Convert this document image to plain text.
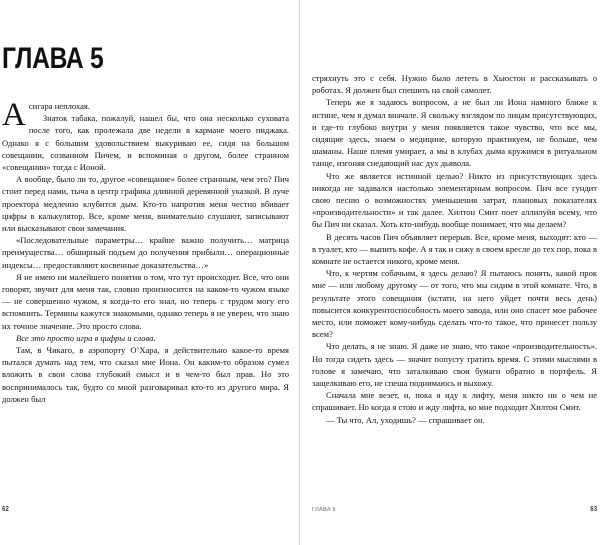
ГЛАВА 5

Асигара неплохая.

Знаток табака, пожалуй, нашел бы, что она несколько суховата после того, как пролежала две недели в кармане моего пиджака. Однако я с большим удовольствием выкуриваю ее, сидя на большом совещании, созванном Пичем, и вспоминая о другом, более странном «совещании» тогда с Ионой.

А вообще, было ли то, другое «совещание» более странным, чем это? Пич стоит перед нами, тыча в центр графика длинной деревянной указкой. В луче проектора медленно клубится дым. Кто-то напротив меня честно вбивает цифры в калькулятор. Все, кроме меня, внимательно слушают, записывают или высказывают свои замечания.

«Последовательные параметры… крайне важно получить… матрица преимущества… обширный подъем до получения прибыли… операционные индексы… предоставляют косвенные доказательства…»

Я не имею ни малейшего понятия о том, что тут происходит. Все, что они говорят, звучит для меня так, словно произносится на каком-то чужом языке — не совершенно чужом, я когда-то его знал, но теперь с трудом могу его вспомнить. Термины кажутся знакомыми, однако теперь я не уверен, что знаю их точное значение. Это просто слова.

Все это просто игра в цифры и слова.

Там, в Чикаго, в аэропорту О’Хара, я действительно какое-то время пытался думать над тем, что сказал мне Иона. Он каким-то образом сумел вложить в свои слова глубокий смысл и в чем-то был прав. Но это воспринималось так, будто со мной разговаривал кто-то из другого мира. Я должен был

62

стряхнуть это с себя. Нужно было лететь в Хьюстон и рассказывать о роботах. Я должен был спешить на свой самолет.

Теперь же я задаюсь вопросом, а не был ли Иона намного ближе к истине, чем я думал вначале. Я скольжу взглядом по лицам присутствующих, и где-то глубоко внутри у меня появляется такое чувство, что все мы, сидящие здесь, знаем о медицине, которую практикуем, не больше, чем шаманы. Наше племя умирает, а мы в клубах дыма кружимся в ритуальном танце, изгоняя снедающий нас дух дьявола.

Что же является истинной целью? Никто из присутствующих здесь никогда не задавался настолько элементарным вопросом. Пич все гундит свою песню о возможностях уменьшения затрат, плановых показателях «производительности» и так далее. Хилтон Смит поет аллилуйя всему, что бы Пич ни сказал. Хоть кто-нибудь вообще понимает, что мы делаем?

В десять часов Пич объявляет перерыв. Все, кроме меня, выходят: кто — в туалет, кто — выпить кофе. А я так и сижу в своем кресле до тех пор, пока в комнате не остается никого, кроме меня.

Что, к чертям собачьим, я здесь делаю? Я пытаюсь понять, какой прок мне — или любому другому — от того, что мы сидим в этой комнате. Что, в результате этого совещания (кстати, на него уйдет почти весь день) повысится конкурентоспособность моего завода, или оно спасет мое рабочее место, или поможет кому-нибудь сделать что-то такое, что принесет пользу всем?

Что делать, я не знаю. Я даже не знаю, что такое «производительность». Но тогда сидеть здесь — значит попусту тратить время. С этими мыслями в голове я замечаю, что заталкиваю свои бумаги обратно в портфель. Я защелкиваю его, не спеша поднимаюсь и выхожу.

Сначала мне везет, и, пока я иду к лифту, меня никто ни о чем не спрашивает. Но когда я стою и жду лифта, ко мне подходит Хилтон Смит.

— Ты что, Ал, уходишь? — спрашивает он.

ГЛАВА 5	63
